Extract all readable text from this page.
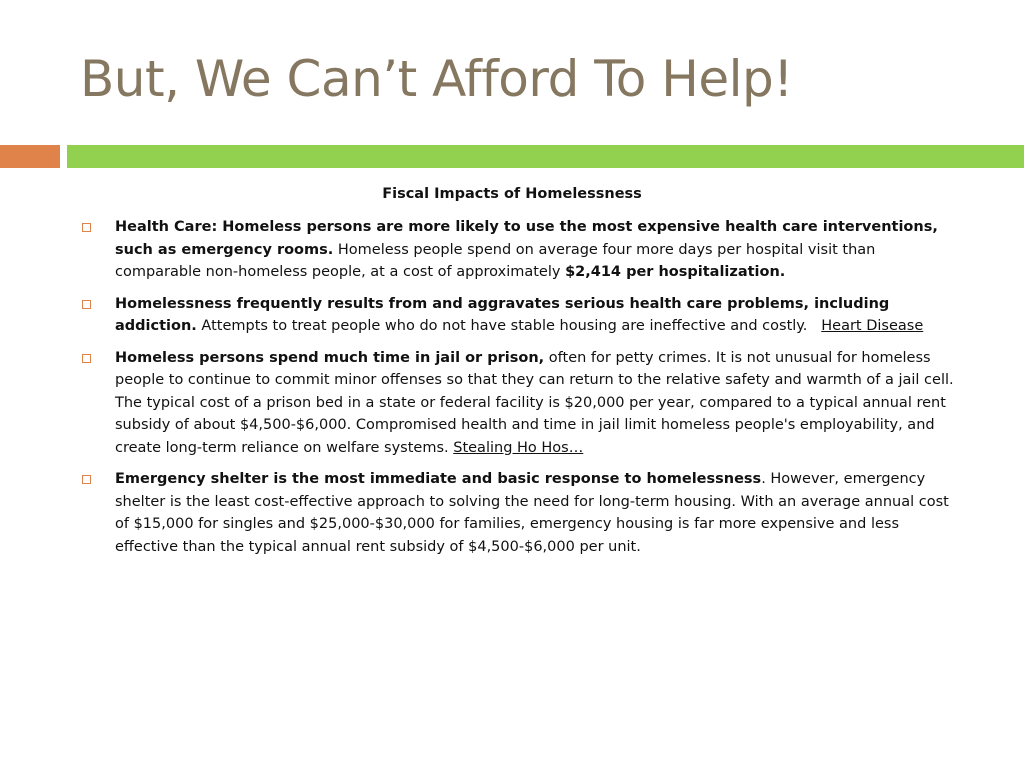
But, We Can’t Afford To Help!
Fiscal Impacts of Homelessness
Health Care: Homeless persons are more likely to use the most expensive health care interventions, such as emergency rooms. Homeless people spend on average four more days per hospital visit than comparable non-homeless people, at a cost of approximately $2,414 per hospitalization.
Homelessness frequently results from and aggravates serious health care problems, including addiction. Attempts to treat people who do not have stable housing are ineffective and costly.   Heart Disease
Homeless persons spend much time in jail or prison, often for petty crimes. It is not unusual for homeless people to continue to commit minor offenses so that they can return to the relative safety and warmth of a jail cell. The typical cost of a prison bed in a state or federal facility is $20,000 per year, compared to a typical annual rent subsidy of about $4,500-$6,000. Compromised health and time in jail limit homeless people's employability, and create long-term reliance on welfare systems. Stealing Ho Hos…
Emergency shelter is the most immediate and basic response to homelessness. However, emergency shelter is the least cost-effective approach to solving the need for long-term housing. With an average annual cost of $15,000 for singles and $25,000-$30,000 for families, emergency housing is far more expensive and less effective than the typical annual rent subsidy of $4,500-$6,000 per unit.
